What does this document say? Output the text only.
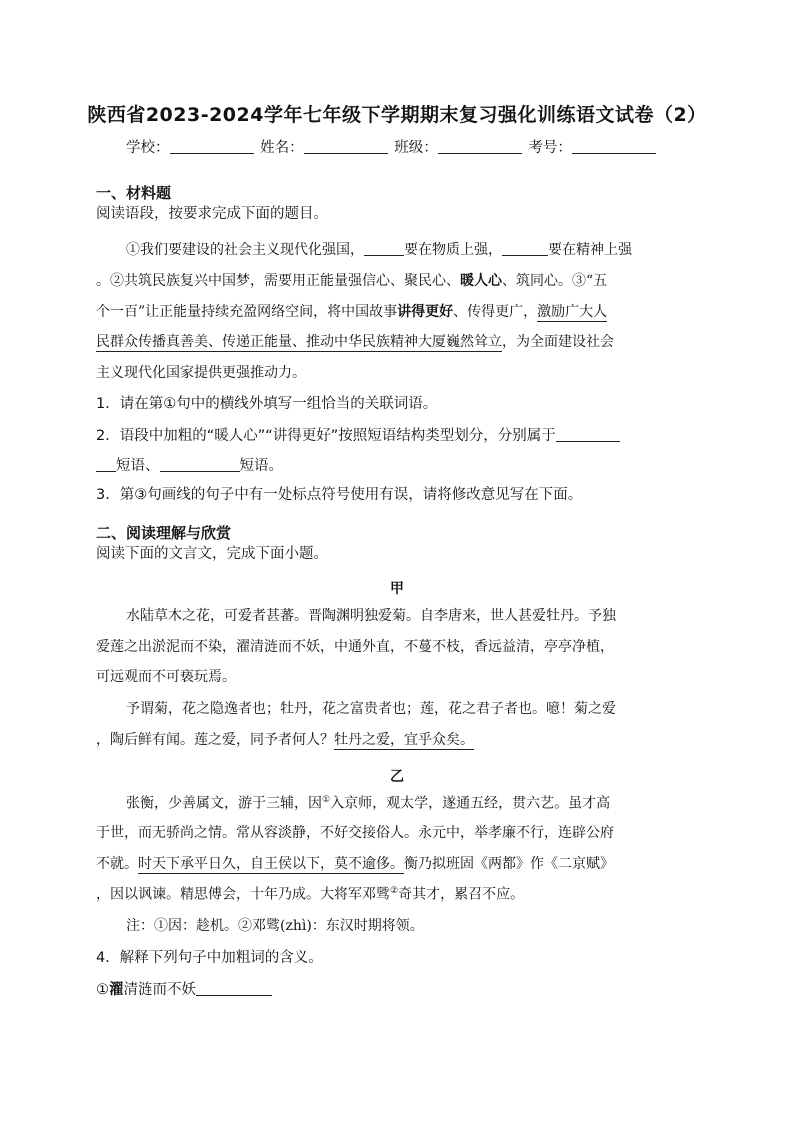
陕西省2023-2024学年七年级下学期期末复习强化训练语文试卷（2）
学校：	姓名：	班级：	考号：
一、材料题
阅读语段，按要求完成下面的题目。
①我们要建设的社会主义现代化强国，	要在物质上强，	要在精神上强
。②共筑民族复兴中国梦，需要用正能量强信心、聚民心、暖人心、筑同心。③“五
个一百”让正能量持续充盈网络空间，将中国故事讲得更好、传得更广，激励广大人
民群众传播真善美、传递正能量、推动中华民族精神大厦巍然耸立，为全面建设社会
主义现代化国家提供更强推动力。
1．请在第①句中的横线外填写一组恰当的关联词语。
2．语段中加粗的“暖人心”“讲得更好”按照短语结构类型划分，分别属于
短语、	短语。
3．第③句画线的句子中有一处标点符号使用有误，请将修改意见写在下面。
二、阅读理解与欣赏
阅读下面的文言文，完成下面小题。
甲
水陆草木之花，可爱者甚蕃。晋陶渊明独爱菊。自李唐来，世人甚爱牡丹。予独
爱莲之出淤泥而不染，濯清涟而不妖，中通外直，不蔓不枝，香远益清，亭亭净植，
可远观而不可亵玩焉。
予谓菊，花之隐逸者也；牡丹，花之富贵者也；莲，花之君子者也。噫！菊之爱
，陶后鲜有闻。莲之爱，同予者何人？牡丹之爱，宜乎众矣。
乙
张衡，少善属文，游于三辅，因①入京师，观太学，遂通五经，贯六艺。虽才高
于世，而无骄尚之情。常从容淡静，不好交接俗人。永元中，举孝廉不行，连辟公府
不就。时天下承平日久，自王侯以下，莫不逾侈。衡乃拟班固《两都》作《二京赋》
，因以讽谏。精思傅会，十年乃成。大将军邓骘②奇其才，累召不应。
注：①因：趁机。②邓骘(zhì)：东汉时期将领。
4．解释下列句子中加粗词的含义。
①濯清涟而不妖
